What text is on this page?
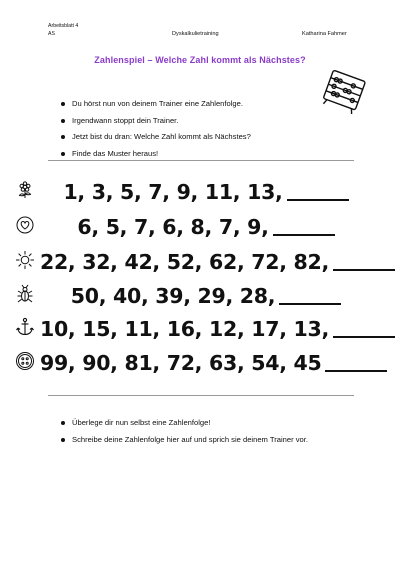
Arbeitsblatt 4
AS	Dyskalkulietraining	Katharina Fahmer
Zahlenspiel – Welche Zahl kommt als Nächstes?
Du hörst nun von deinem Trainer eine Zahlenfolge.
Irgendwann stoppt dein Trainer.
Jetzt bist du dran: Welche Zahl kommt als Nächstes?
Finde das Muster heraus!
1, 3, 5, 7, 9, 11, 13,
6, 5, 7, 6, 8, 7, 9,
22, 32, 42, 52, 62, 72, 82,
50, 40, 39, 29, 28,
10, 15, 11, 16, 12, 17, 13,
99, 90, 81, 72, 63, 54, 45
Überlege dir nun selbst eine Zahlenfolge!
Schreibe deine Zahlenfolge hier auf und sprich sie deinem Trainer vor.
